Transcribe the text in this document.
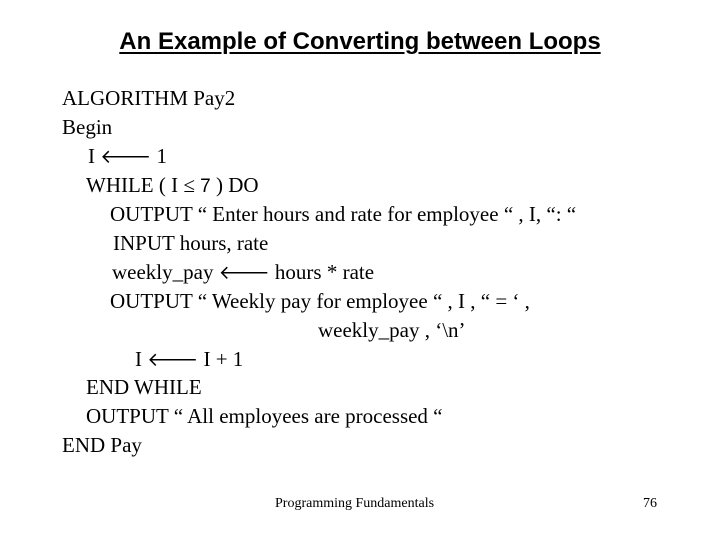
An Example of Converting between Loops
ALGORITHM Pay2
Begin
I 🡐 1
WHILE ( I ≤ 7 ) DO
OUTPUT “ Enter hours and rate for employee “ , I, “: “
INPUT hours, rate
weekly_pay 🡐 hours * rate
OUTPUT “ Weekly pay for employee “ , I , “ = ‘ ,
weekly_pay , ‘\n’
I 🡐 I + 1
END WHILE
OUTPUT “ All employees are processed “
END Pay
Programming Fundamentals	76
